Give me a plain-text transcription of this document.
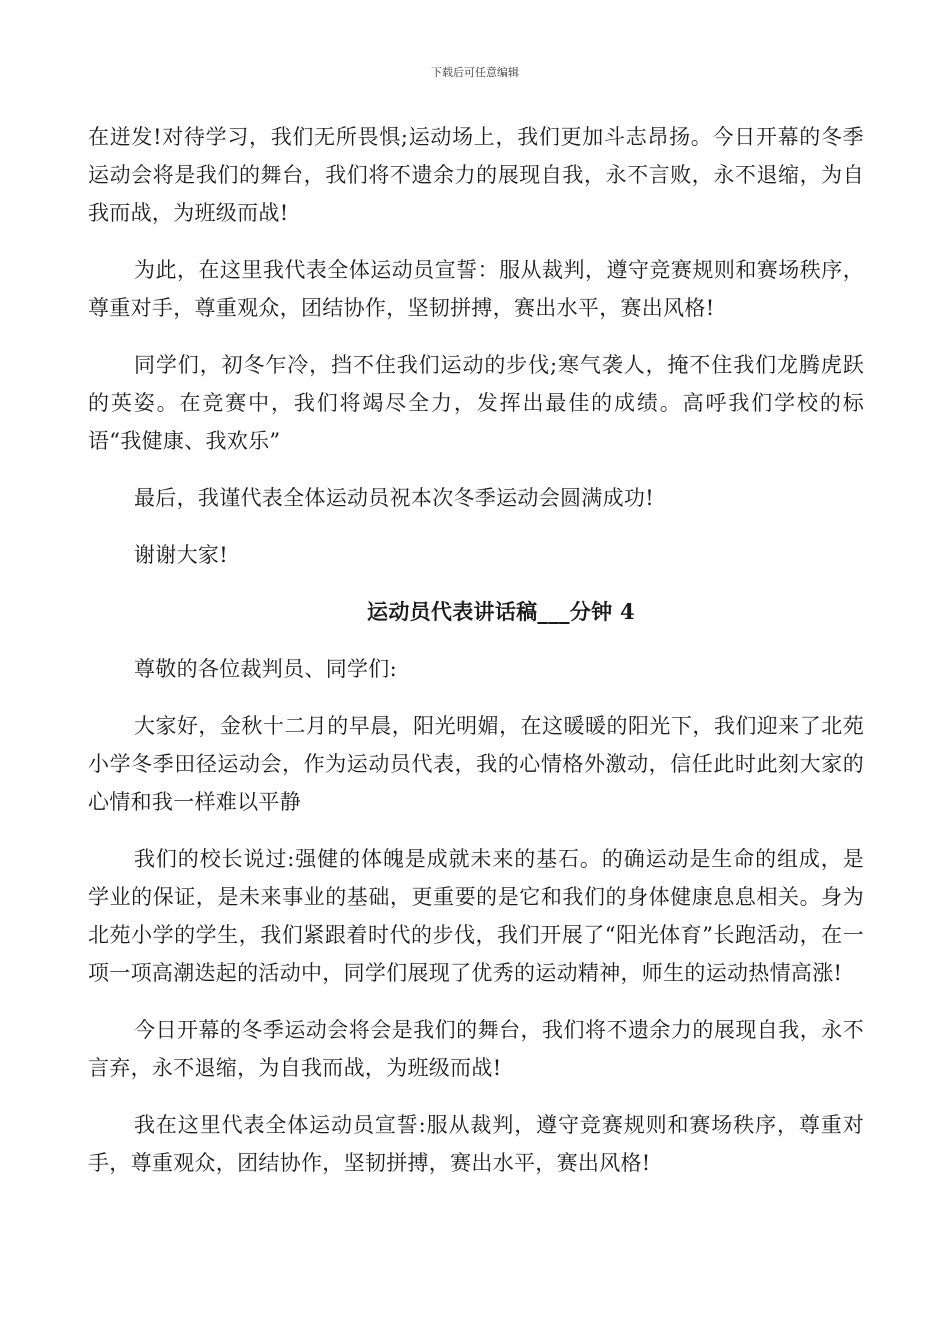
下载后可任意编辑

在迸发!对待学习，我们无所畏惧;运动场上，我们更加斗志昂扬。今日开幕的冬季运动会将是我们的舞台，我们将不遗余力的展现自我，永不言败，永不退缩，为自我而战，为班级而战!

为此，在这里我代表全体运动员宣誓：服从裁判，遵守竞赛规则和赛场秩序，尊重对手，尊重观众，团结协作，坚韧拼搏，赛出水平，赛出风格!

同学们，初冬乍冷，挡不住我们运动的步伐;寒气袭人，掩不住我们龙腾虎跃的英姿。在竞赛中，我们将竭尽全力，发挥出最佳的成绩。高呼我们学校的标语“我健康、我欢乐”

最后，我谨代表全体运动员祝本次冬季运动会圆满成功!

谢谢大家!

运动员代表讲话稿___分钟 4

尊敬的各位裁判员、同学们:

大家好，金秋十二月的早晨，阳光明媚，在这暖暖的阳光下，我们迎来了北苑小学冬季田径运动会，作为运动员代表，我的心情格外激动，信任此时此刻大家的心情和我一样难以平静

我们的校长说过:强健的体魄是成就未来的基石。的确运动是生命的组成，是学业的保证，是未来事业的基础，更重要的是它和我们的身体健康息息相关。身为北苑小学的学生，我们紧跟着时代的步伐，我们开展了“阳光体育”长跑活动，在一项一项高潮迭起的活动中，同学们展现了优秀的运动精神，师生的运动热情高涨!

今日开幕的冬季运动会将会是我们的舞台，我们将不遗余力的展现自我，永不言弃，永不退缩，为自我而战，为班级而战!

我在这里代表全体运动员宣誓:服从裁判，遵守竞赛规则和赛场秩序，尊重对手，尊重观众，团结协作，坚韧拼搏，赛出水平，赛出风格!
